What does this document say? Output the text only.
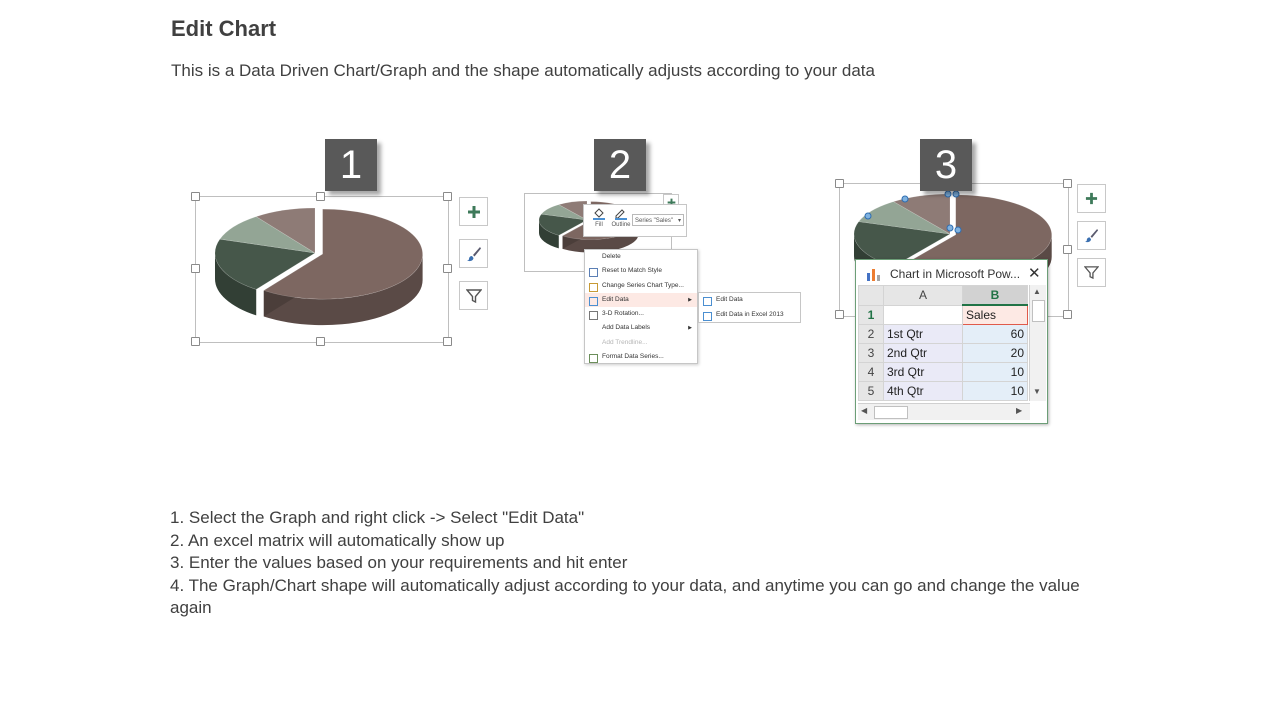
Edit Chart
This is a Data Driven Chart/Graph and the shape automatically adjusts according to your data
1	2
Fill	Outline
Series "Sales" ▾
Delete
Reset to Match Style
Change Series Chart Type...
Edit Data	▶
3-D Rotation...
Add Data Labels	▶
Add Trendline...
Format Data Series...
Edit Data
Edit Data in Excel 2013
3
Chart in Microsoft Pow... ✕
	A	B
1		Sales
2	1st Qtr	60
3	2nd Qtr	20
4	3rd Qtr	10
5	4th Qtr	10
▲
▼
◀	▶
1. Select the Graph and right click -> Select "Edit Data"
2. An excel matrix will automatically show up
3. Enter the values based on your requirements and hit enter
4. The Graph/Chart shape will automatically adjust according to your data, and anytime you can go and change the value again
